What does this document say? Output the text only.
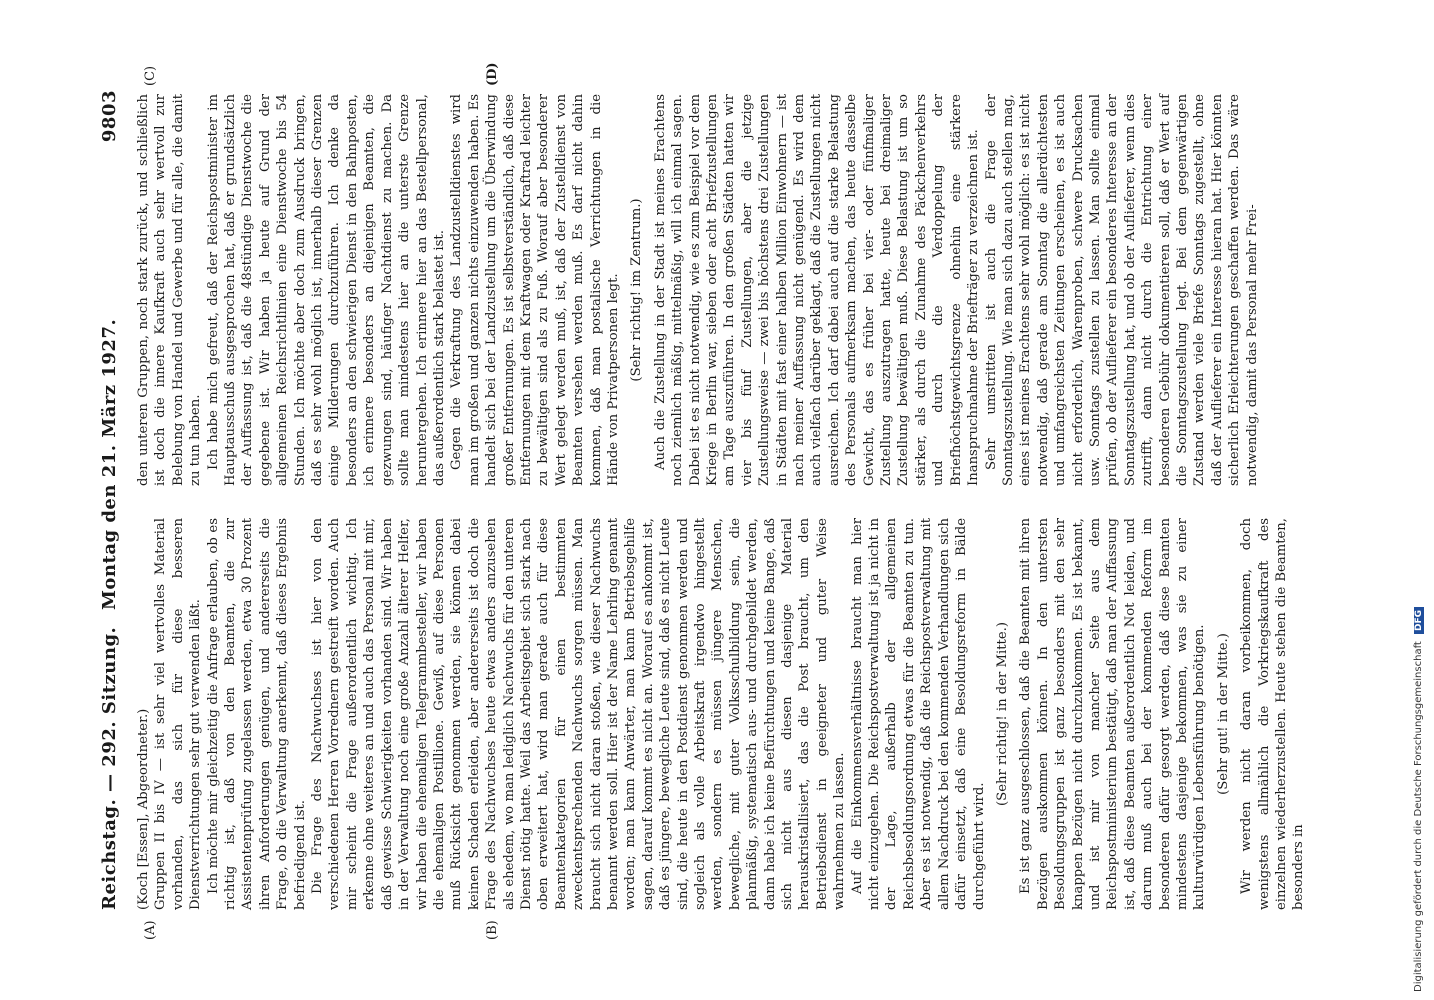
Reichstag. — 292. Sitzung.
Montag den 21. März 1927.
9803
(A)	(B)
(C)	(D)

(Koch [Essen], Abgeordneter.) Gruppen II bis IV — ist sehr viel wertvolles Material vorhanden, das sich für diese besseren Dienstverrichtungen sehr gut verwenden läßt. Ich möchte mir gleichzeitig die Anfrage erlauben, ob es richtig ist, daß von den Beamten, die zur Assistentenprüfung zugelassen werden, etwa 30 Prozent ihren Anforderungen genügen, und andererseits die Frage, ob die Verwaltung anerkennt, daß dieses Ergebnis befriedigend ist. Die Frage des Nachwuchses ist hier von den verschiedenen Herren Vorrednern gestreift worden. Auch mir scheint die Frage außerordentlich wichtig. Ich erkenne ohne weiteres an und auch das Personal mit mir, daß gewisse Schwierigkeiten vorhanden sind. Wir haben in der Verwaltung noch eine große Anzahl älterer Helfer, wir haben die ehemaligen Telegrammbesteller, wir haben die ehemaligen Postillione. Gewiß, auf diese Personen muß Rücksicht genommen werden, sie können dabei keinen Schaden erleiden, aber andererseits ist doch die Frage des Nachwuchses heute etwas anders anzusehen als ehedem, wo man lediglich Nachwuchs für den unteren Dienst nötig hatte. Weil das Arbeitsgebiet sich stark nach oben erweitert hat, wird man gerade auch für diese Beamtenkategorien für einen bestimmten zweckentsprechenden Nachwuchs sorgen müssen. Man braucht sich nicht daran stoßen, wie dieser Nachwuchs benannt werden soll. Hier ist der Name Lehrling genannt worden; man kann Anwärter, man kann Betriebsgehilfe sagen, darauf kommt es nicht an. Worauf es ankommt ist, daß es jüngere, bewegliche Leute sind, daß es nicht Leute sind, die heute in den Postdienst genommen werden und sogleich als volle Arbeitskraft irgendwo hingestellt werden, sondern es müssen jüngere Menschen, bewegliche, mit guter Volksschulbildung sein, die planmäßig, systematisch aus- und durchgebildet werden, dann habe ich keine Befürchtungen und keine Bange, daß sich nicht aus diesen dasjenige Material herauskristallisiert, das die Post braucht, um den Betriebsdienst in geeigneter und guter Weise wahrnehmen zu lassen. Auf die Einkommensverhältnisse braucht man hier nicht einzugehen. Die Reichspostverwaltung ist ja nicht in der Lage, außerhalb der allgemeinen Reichsbesoldungsordnung etwas für die Beamten zu tun. Aber es ist notwendig, daß die Reichspostverwaltung mit allem Nachdruck bei den kommenden Verhandlungen sich dafür einsetzt, daß eine Besoldungsreform in Bälde durchgeführt wird.

(Sehr richtig! in der Mitte.) Es ist ganz ausgeschlossen, daß die Beamten mit ihren Bezügen auskommen können. In den untersten Besoldungsgruppen ist ganz besonders mit den sehr knappen Bezügen nicht durchzukommen. Es ist bekannt, und ist mir von mancher Seite aus dem Reichspostministerium bestätigt, daß man der Auffassung ist, daß diese Beamten außerordentlich Not leiden, und darum muß auch bei der kommenden Reform im besonderen dafür gesorgt werden, daß diese Beamten mindestens dasjenige bekommen, was sie zu einer kulturwürdigen Lebensführung benötigen. (Sehr gut! in der Mitte.) Wir werden nicht daran vorbeikommen, doch wenigstens allmählich die Vorkriegskaufkraft des einzelnen wiederherzustellen. Heute stehen die Beamten, besonders in

den unteren Gruppen, noch stark zurück, und schließlich ist doch die innere Kaufkraft auch sehr wertvoll zur Belebung von Handel und Gewerbe und für alle, die damit zu tun haben. Ich habe mich gefreut, daß der Reichspostminister im Hauptausschuß ausgesprochen hat, daß er grundsätzlich der Auffassung ist, daß die 48stündige Dienstwoche die gegebene ist. Wir haben ja heute auf Grund der allgemeinen Reichsrichtlinien eine Dienstwoche bis 54 Stunden. Ich möchte aber doch zum Ausdruck bringen, daß es sehr wohl möglich ist, innerhalb dieser Grenzen einige Milderungen durchzuführen. Ich denke da besonders an den schwierigen Dienst in den Bahnposten, ich erinnere besonders an diejenigen Beamten, die gezwungen sind, häufiger Nachtdienst zu machen. Da sollte man mindestens hier an die unterste Grenze heruntergehen. Ich erinnere hier an das Bestellpersonal, das außerordentlich stark belastet ist. Gegen die Verkraftung des Landzustelldienstes wird man im großen und ganzen nichts einzuwenden haben. Es handelt sich bei der Landzustellung um die Überwindung großer Entfernungen. Es ist selbstverständlich, daß diese Entfernungen mit dem Kraftwagen oder Kraftrad leichter zu bewältigen sind als zu Fuß. Worauf aber besonderer Wert gelegt werden muß, ist, daß der Zustelldienst von Beamten versehen werden muß. Es darf nicht dahin kommen, daß man postalische Verrichtungen in die Hände von Privatpersonen legt. (Sehr richtig! im Zentrum.) Auch die Zustellung in der Stadt ist meines Erachtens noch ziemlich mäßig, mittelmäßig, will ich einmal sagen. Dabei ist es nicht notwendig, wie es zum Beispiel vor dem Kriege in Berlin war, sieben oder acht Briefzustellungen am Tage auszuführen. In den großen Städten hatten wir vier bis fünf Zustellungen, aber die jetzige Zustellungsweise — zwei bis höchstens drei Zustellungen in Städten mit fast einer halben Million Einwohnern — ist nach meiner Auffassung nicht genügend. Es wird dem auch vielfach darüber geklagt, daß die Zustellungen nicht ausreichen. Ich darf dabei auch auf die starke Belastung des Personals aufmerksam machen, das heute dasselbe Gewicht, das es früher bei vier- oder fünfmaliger Zustellung auszutragen hatte, heute bei dreimaliger Zustellung bewältigen muß. Diese Belastung ist um so stärker, als durch die Zunahme des Päckchenverkehrs und durch die Verdoppelung der Briefhöchstgewichtsgrenze ohnehin eine stärkere Inanspruchnahme der Briefträger zu verzeichnen ist. Sehr umstritten ist auch die Frage der Sonntagszustellung. Wie man sich dazu auch stellen mag, eines ist meines Erachtens sehr wohl möglich: es ist nicht notwendig, daß gerade am Sonntag die allerdichtesten und umfangreichsten Zeitungen erscheinen, es ist auch nicht erforderlich, Warenproben, schwere Drucksachen usw. Sonntags zustellen zu lassen. Man sollte einmal prüfen, ob der Auflieferer ein besonderes Interesse an der Sonntagszustellung hat, und ob der Auflieferer, wenn dies zutrifft, dann nicht durch die Entrichtung einer besonderen Gebühr dokumentieren soll, daß er Wert auf die Sonntagszustellung legt. Bei dem gegenwärtigen Zustand werden viele Briefe Sonntags zugestellt, ohne daß der Auflieferer ein Interesse hieran hat. Hier könnten sicherlich Erleichterungen geschaffen werden. Das wäre notwendig, damit das Personal mehr Frei-

Digitalisierung gefördert durch die Deutsche Forschungsgemeinschaft DFG
